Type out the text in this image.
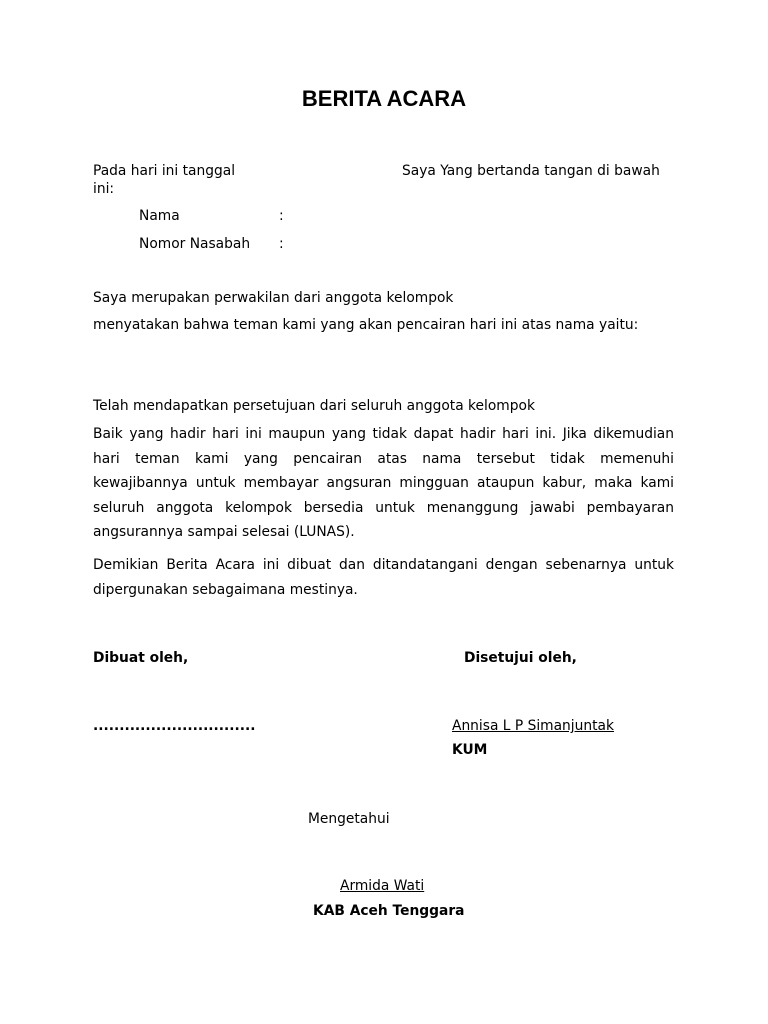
BERITA ACARA
Pada hari ini tanggal	Saya Yang bertanda tangan di bawah
ini:
Nama	:
Nomor Nasabah :
Saya merupakan perwakilan dari anggota kelompok
menyatakan bahwa teman kami yang akan pencairan hari ini atas nama yaitu:
Telah mendapatkan persetujuan dari seluruh anggota kelompok
Baik yang hadir hari ini maupun yang tidak dapat hadir hari ini. Jika dikemudian hari teman kami yang pencairan atas nama tersebut tidak memenuhi kewajibannya untuk membayar angsuran mingguan ataupun kabur, maka kami seluruh anggota kelompok bersedia untuk menanggung jawabi pembayaran angsurannya sampai selesai (LUNAS).
Demikian Berita Acara ini dibuat dan ditandatangani dengan sebenarnya untuk dipergunakan sebagaimana mestinya.
Dibuat oleh,	Disetujui oleh,
...............................	Annisa L P Simanjuntak
KUM
Mengetahui
Armida Wati
KAB Aceh Tenggara
